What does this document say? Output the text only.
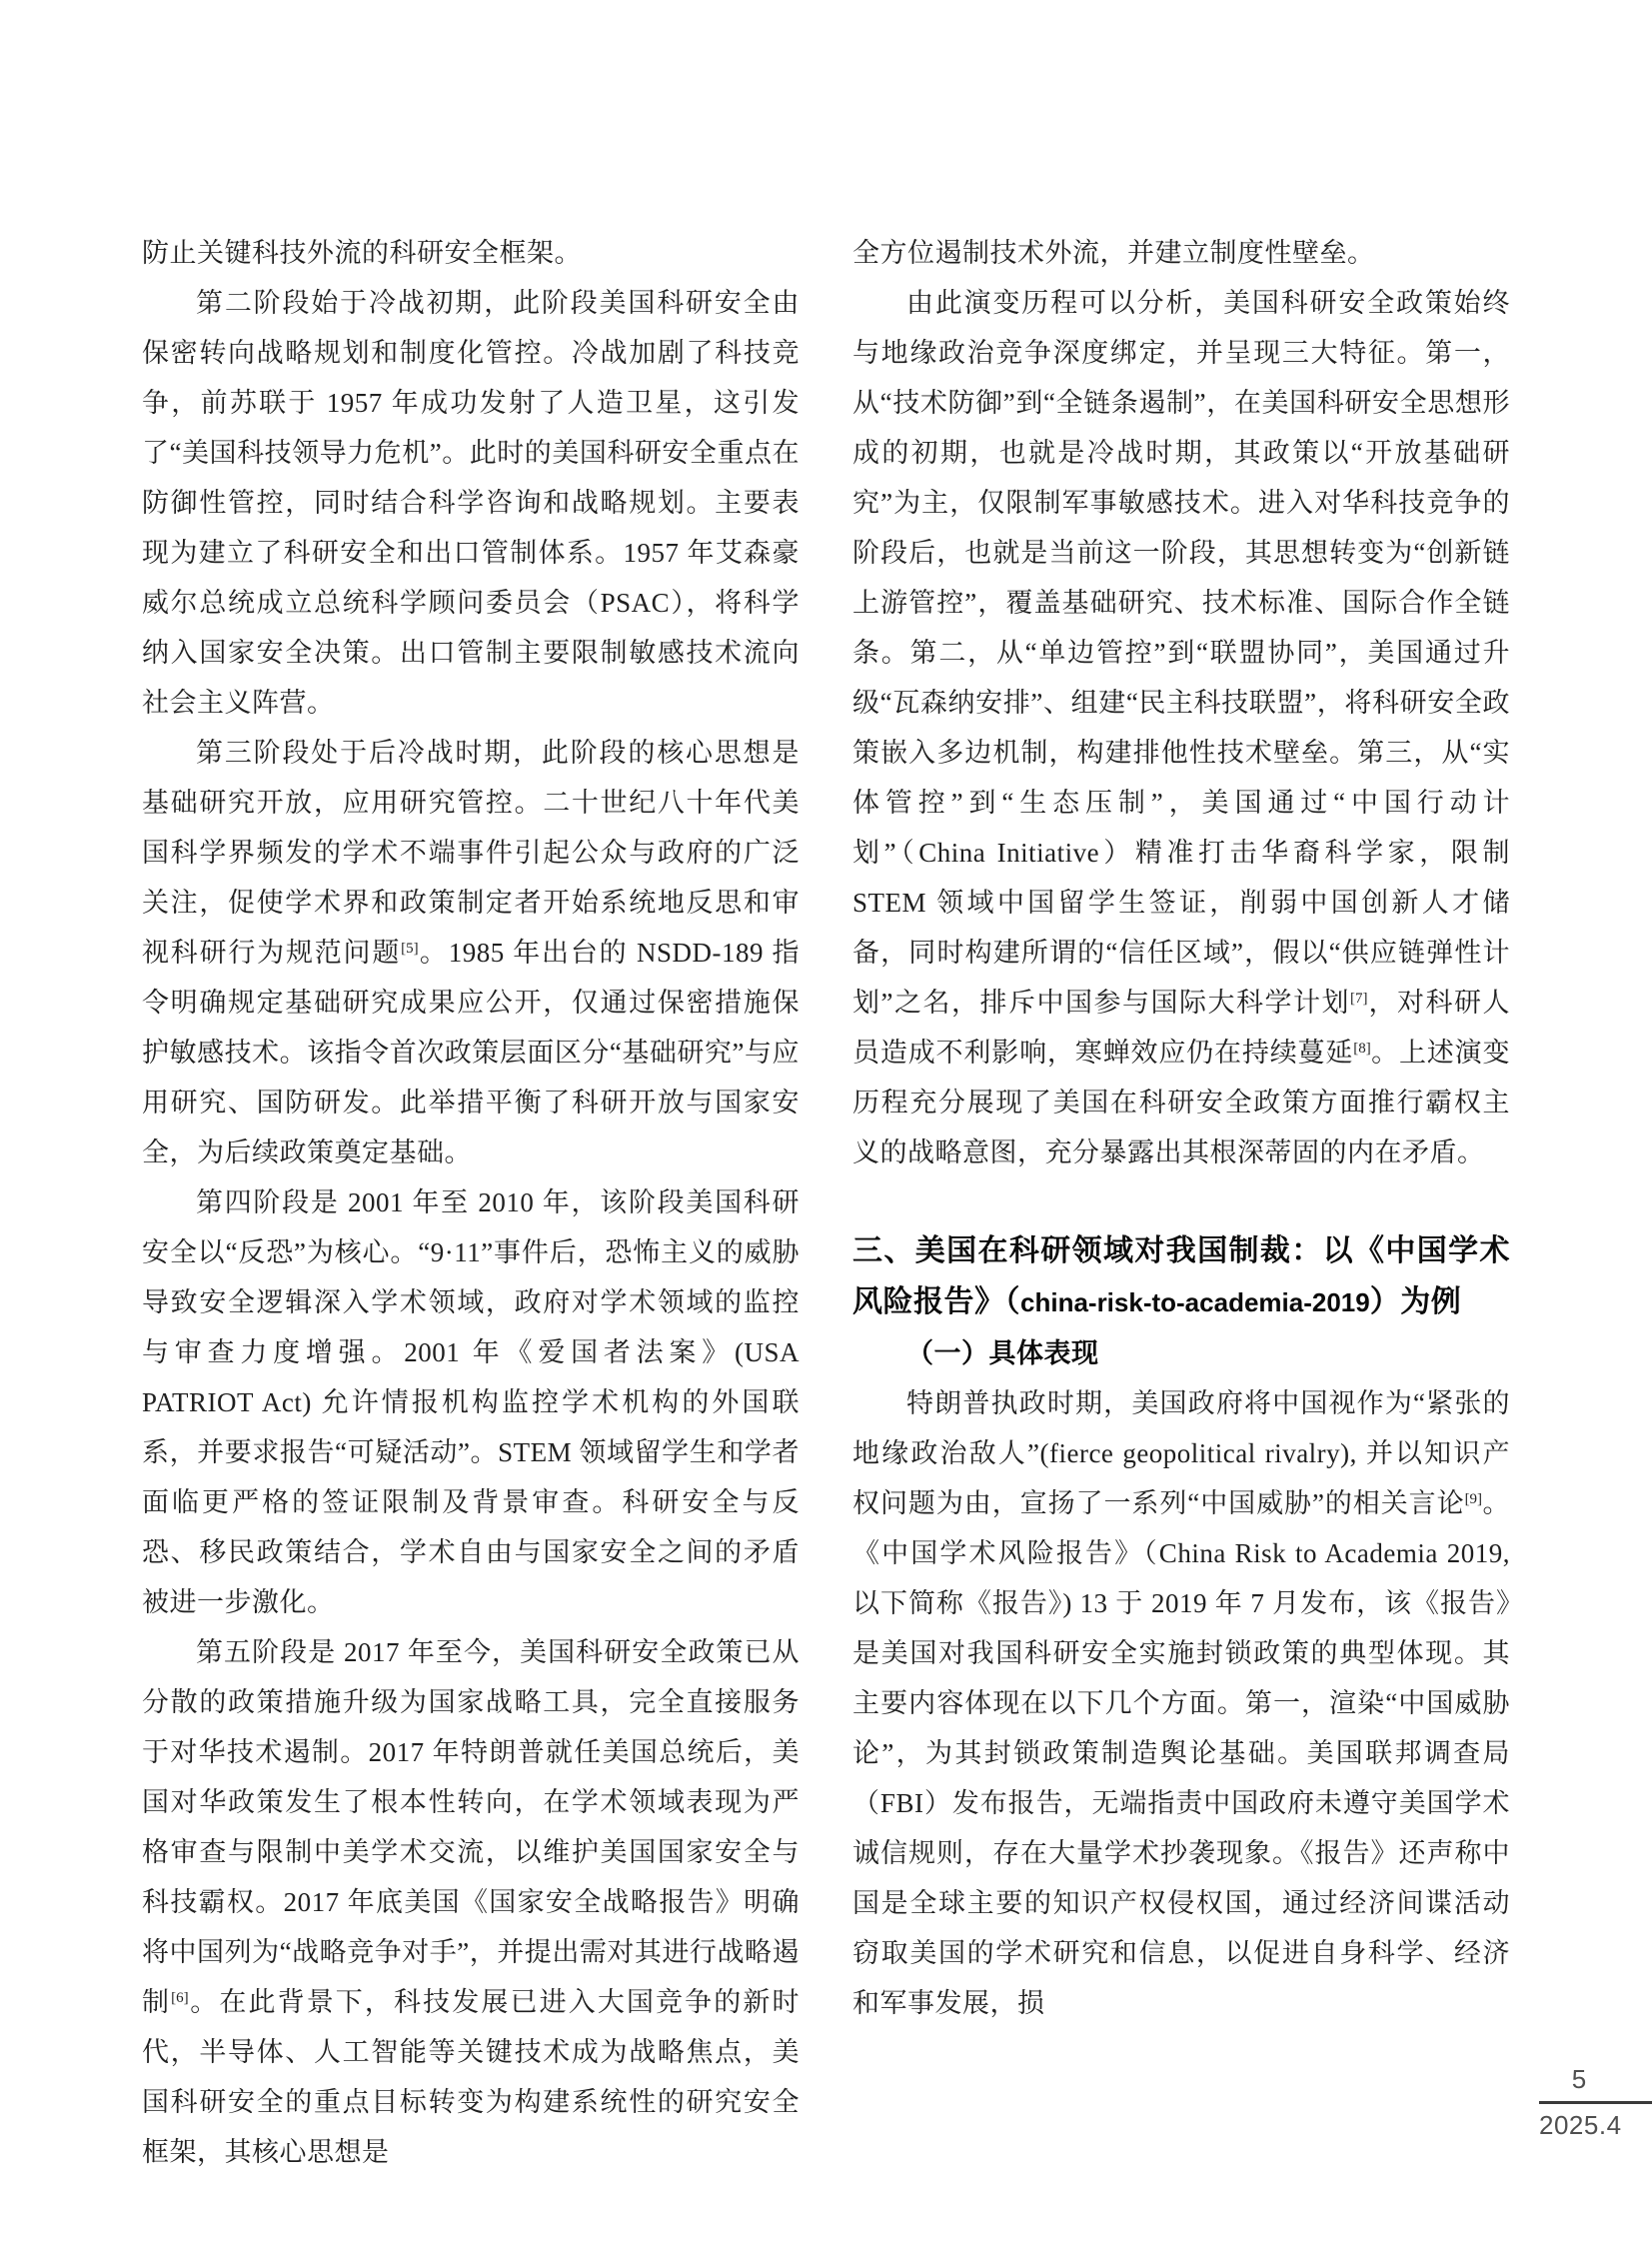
防止关键科技外流的科研安全框架。

第二阶段始于冷战初期，此阶段美国科研安全由保密转向战略规划和制度化管控。冷战加剧了科技竞争，前苏联于 1957 年成功发射了人造卫星，这引发了“美国科技领导力危机”。此时的美国科研安全重点在防御性管控，同时结合科学咨询和战略规划。主要表现为建立了科研安全和出口管制体系。1957 年艾森豪威尔总统成立总统科学顾问委员会（PSAC），将科学纳入国家安全决策。出口管制主要限制敏感技术流向社会主义阵营。

第三阶段处于后冷战时期，此阶段的核心思想是基础研究开放，应用研究管控。二十世纪八十年代美国科学界频发的学术不端事件引起公众与政府的广泛关注，促使学术界和政策制定者开始系统地反思和审视科研行为规范问题[5]。1985 年出台的 NSDD-189 指令明确规定基础研究成果应公开，仅通过保密措施保护敏感技术。该指令首次政策层面区分“基础研究”与应用研究、国防研发。此举措平衡了科研开放与国家安全，为后续政策奠定基础。

第四阶段是 2001 年至 2010 年，该阶段美国科研安全以“反恐”为核心。“9·11”事件后，恐怖主义的威胁导致安全逻辑深入学术领域，政府对学术领域的监控与审查力度增强。2001 年《爱国者法案》(USA PATRIOT Act) 允许情报机构监控学术机构的外国联系，并要求报告“可疑活动”。STEM 领域留学生和学者面临更严格的签证限制及背景审查。科研安全与反恐、移民政策结合，学术自由与国家安全之间的矛盾被进一步激化。

第五阶段是 2017 年至今，美国科研安全政策已从分散的政策措施升级为国家战略工具，完全直接服务于对华技术遏制。2017 年特朗普就任美国总统后，美国对华政策发生了根本性转向，在学术领域表现为严格审查与限制中美学术交流，以维护美国国家安全与科技霸权。2017 年底美国《国家安全战略报告》明确将中国列为“战略竞争对手”，并提出需对其进行战略遏制[6]。在此背景下，科技发展已进入大国竞争的新时代，半导体、人工智能等关键技术成为战略焦点，美国科研安全的重点目标转变为构建系统性的研究安全框架，其核心思想是

全方位遏制技术外流，并建立制度性壁垒。

由此演变历程可以分析，美国科研安全政策始终与地缘政治竞争深度绑定，并呈现三大特征。第一，从“技术防御”到“全链条遏制”，在美国科研安全思想形成的初期，也就是冷战时期，其政策以“开放基础研究”为主，仅限制军事敏感技术。进入对华科技竞争的阶段后，也就是当前这一阶段，其思想转变为“创新链上游管控”，覆盖基础研究、技术标准、国际合作全链条。第二，从“单边管控”到“联盟协同”，美国通过升级“瓦森纳安排”、组建“民主科技联盟”，将科研安全政策嵌入多边机制，构建排他性技术壁垒。第三，从“实体管控”到“生态压制”，美国通过“中国行动计划”（China Initiative）精准打击华裔科学家，限制 STEM 领域中国留学生签证，削弱中国创新人才储备，同时构建所谓的“信任区域”，假以“供应链弹性计划”之名，排斥中国参与国际大科学计划[7]，对科研人员造成不利影响，寒蝉效应仍在持续蔓延[8]。上述演变历程充分展现了美国在科研安全政策方面推行霸权主义的战略意图，充分暴露出其根深蒂固的内在矛盾。

三、美国在科研领域对我国制裁：以《中国学术风险报告》（china-risk-to-academia-2019）为例
（一）具体表现

特朗普执政时期，美国政府将中国视作为“紧张的地缘政治敌人”(fierce geopolitical rivalry), 并以知识产权问题为由，宣扬了一系列“中国威胁”的相关言论[9]。《中国学术风险报告》（China Risk to Academia 2019, 以下简称《报告》) 13 于 2019 年 7 月发布，该《报告》是美国对我国科研安全实施封锁政策的典型体现。其主要内容体现在以下几个方面。第一，渲染“中国威胁论”，为其封锁政策制造舆论基础。美国联邦调查局（FBI）发布报告，无端指责中国政府未遵守美国学术诚信规则，存在大量学术抄袭现象。《报告》还声称中国是全球主要的知识产权侵权国，通过经济间谍活动窃取美国的学术研究和信息，以促进自身科学、经济和军事发展，损

5
2025.4
